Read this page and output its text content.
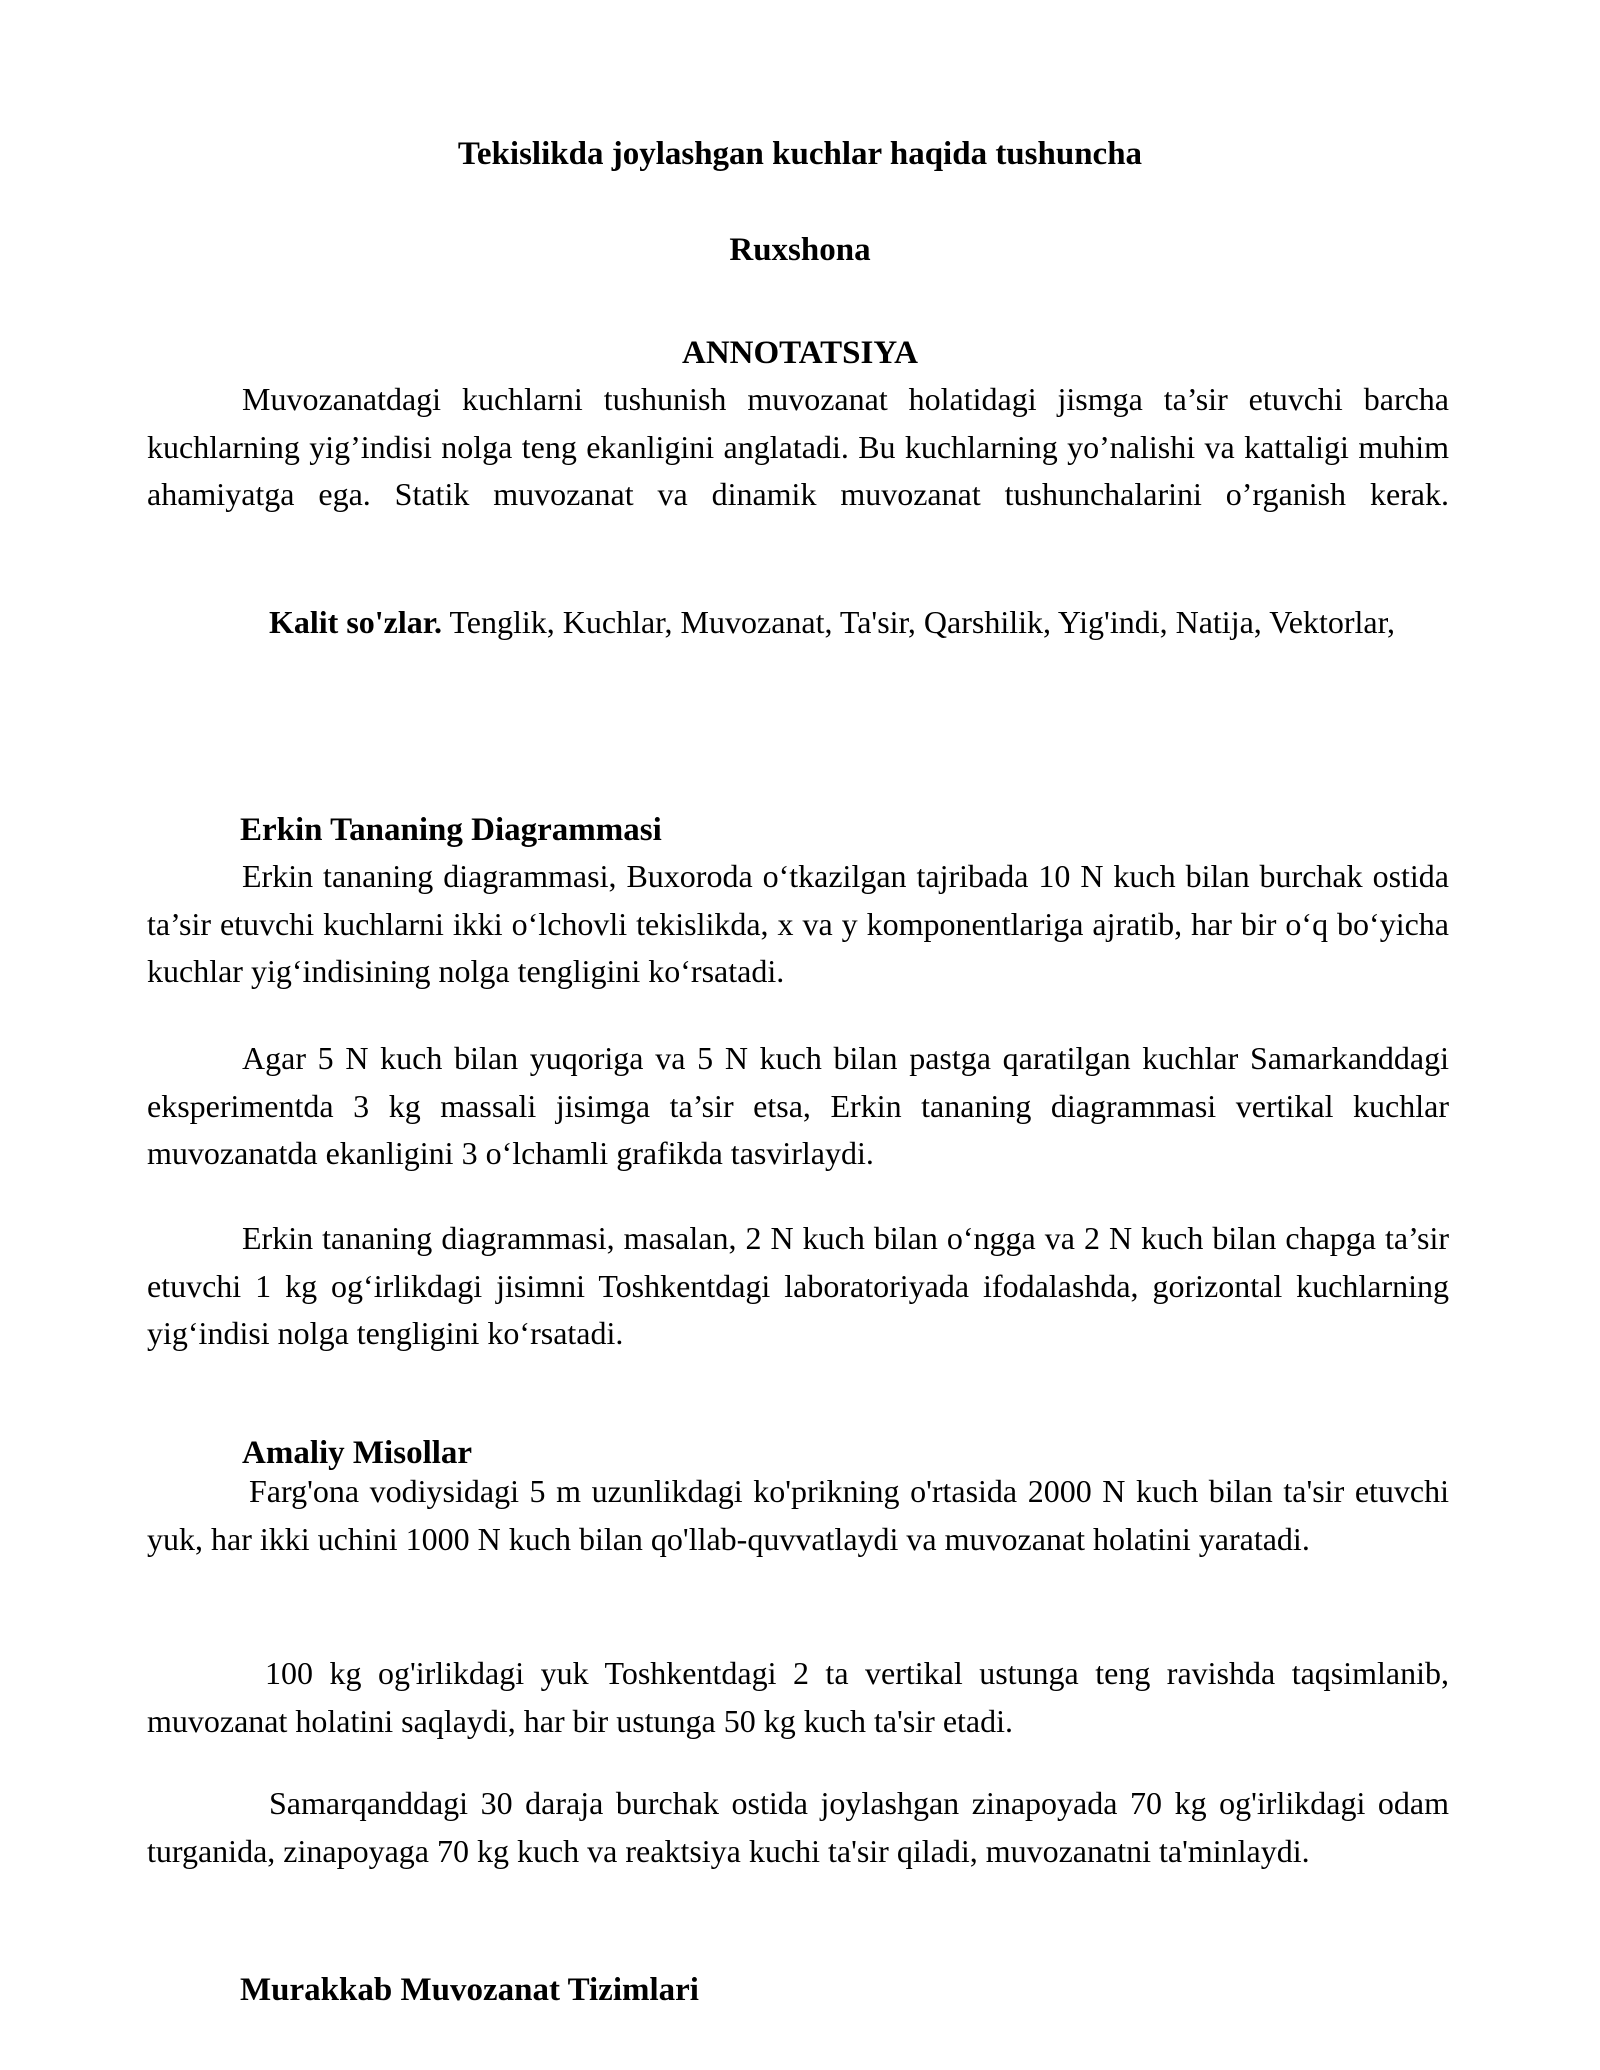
Tekislikda joylashgan kuchlar haqida tushuncha
Ruxshona
ANNOTATSIYA

Muvozanatdagi kuchlarni tushunish muvozanat holatidagi jismga ta’sir etuvchi barcha kuchlarning yig’indisi nolga teng ekanligini anglatadi. Bu kuchlarning yo’nalishi va kattaligi muhim ahamiyatga ega. Statik muvozanat va dinamik muvozanat tushunchalarini o’rganish kerak.

Kalit so'zlar. Tenglik, Kuchlar, Muvozanat, Ta'sir, Qarshilik, Yig'indi, Natija, Vektorlar,

Erkin Tananing Diagrammasi

Erkin tananing diagrammasi, Buxoroda o‘tkazilgan tajribada 10 N kuch bilan burchak ostida ta’sir etuvchi kuchlarni ikki o‘lchovli tekislikda, x va y komponentlariga ajratib, har bir o‘q bo‘yicha kuchlar yig‘indisining nolga tengligini ko‘rsatadi.

Agar 5 N kuch bilan yuqoriga va 5 N kuch bilan pastga qaratilgan kuchlar Samarkanddagi eksperimentda 3 kg massali jisimga ta’sir etsa, Erkin tananing diagrammasi vertikal kuchlar muvozanatda ekanligini 3 o‘lchamli grafikda tasvirlaydi.

Erkin tananing diagrammasi, masalan, 2 N kuch bilan o‘ngga va 2 N kuch bilan chapga ta’sir etuvchi 1 kg og‘irlikdagi jisimni Toshkentdagi laboratoriyada ifodalashda, gorizontal kuchlarning yig‘indisi nolga tengligini ko‘rsatadi.

Amaliy Misollar

Farg'ona vodiysidagi 5 m uzunlikdagi ko'prikning o'rtasida 2000 N kuch bilan ta'sir etuvchi yuk, har ikki uchini 1000 N kuch bilan qo'llab-quvvatlaydi va muvozanat holatini yaratadi.

100 kg og'irlikdagi yuk Toshkentdagi 2 ta vertikal ustunga teng ravishda taqsimlanib, muvozanat holatini saqlaydi, har bir ustunga 50 kg kuch ta'sir etadi.

Samarqanddagi 30 daraja burchak ostida joylashgan zinapoyada 70 kg og'irlikdagi odam turganida, zinapoyaga 70 kg kuch va reaktsiya kuchi ta'sir qiladi, muvozanatni ta'minlaydi.

Murakkab Muvozanat Tizimlari
